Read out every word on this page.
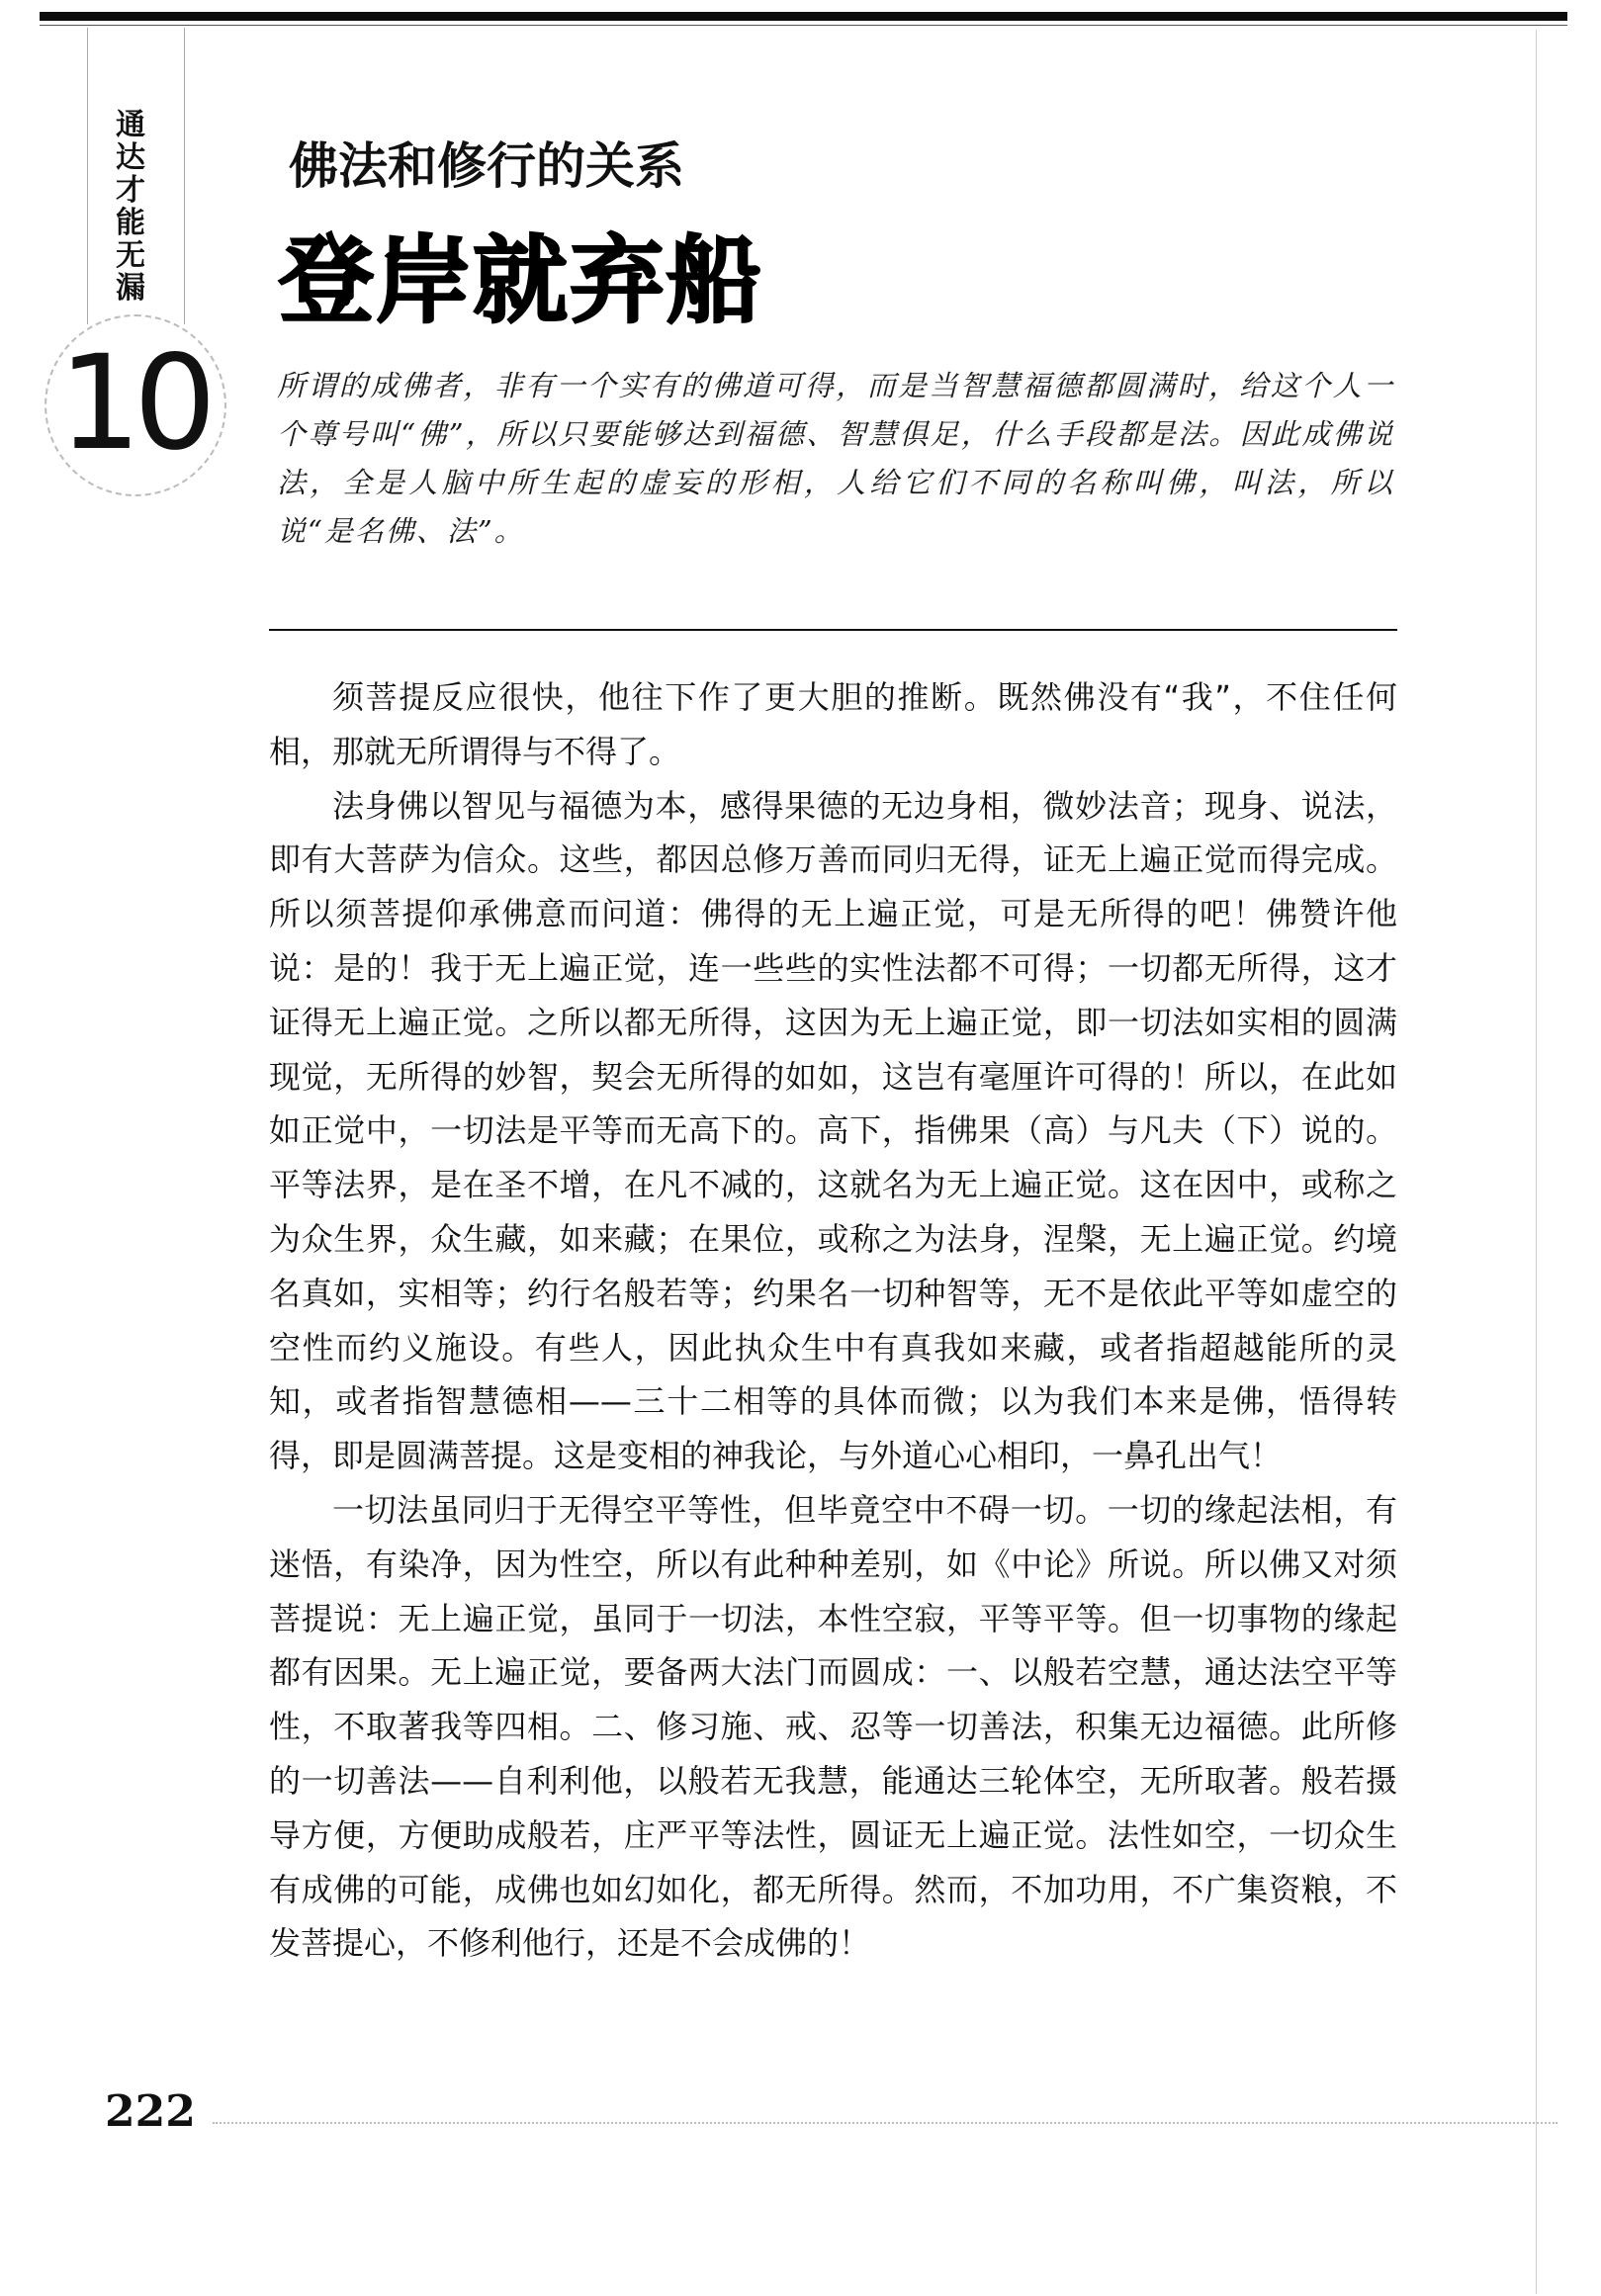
通达才能无漏
10
佛法和修行的关系
登岸就弃船
所谓的成佛者，非有一个实有的佛道可得，而是当智慧福德都圆满时，给这个人一个尊号叫“佛”，所以只要能够达到福德、智慧俱足，什么手段都是法。因此成佛说法，全是人脑中所生起的虚妄的形相，人给它们不同的名称叫佛，叫法，所以说“是名佛、法”。

须菩提反应很快，他往下作了更大胆的推断。既然佛没有“我”，不住任何相，那就无所谓得与不得了。

法身佛以智见与福德为本，感得果德的无边身相，微妙法音；现身、说法，即有大菩萨为信众。这些，都因总修万善而同归无得，证无上遍正觉而得完成。所以须菩提仰承佛意而问道：佛得的无上遍正觉，可是无所得的吧！佛赞许他说：是的！我于无上遍正觉，连一些些的实性法都不可得；一切都无所得，这才证得无上遍正觉。之所以都无所得，这因为无上遍正觉，即一切法如实相的圆满现觉，无所得的妙智，契会无所得的如如，这岂有毫厘许可得的！所以，在此如如正觉中，一切法是平等而无高下的。高下，指佛果（高）与凡夫（下）说的。平等法界，是在圣不增，在凡不减的，这就名为无上遍正觉。这在因中，或称之为众生界，众生藏，如来藏；在果位，或称之为法身，涅槃，无上遍正觉。约境名真如，实相等；约行名般若等；约果名一切种智等，无不是依此平等如虚空的空性而约义施设。有些人，因此执众生中有真我如来藏，或者指超越能所的灵知，或者指智慧德相——三十二相等的具体而微；以为我们本来是佛，悟得转得，即是圆满菩提。这是变相的神我论，与外道心心相印，一鼻孔出气！

一切法虽同归于无得空平等性，但毕竟空中不碍一切。一切的缘起法相，有迷悟，有染净，因为性空，所以有此种种差别，如《中论》所说。所以佛又对须菩提说：无上遍正觉，虽同于一切法，本性空寂，平等平等。但一切事物的缘起都有因果。无上遍正觉，要备两大法门而圆成：一、以般若空慧，通达法空平等性，不取著我等四相。二、修习施、戒、忍等一切善法，积集无边福德。此所修的一切善法——自利利他，以般若无我慧，能通达三轮体空，无所取著。般若摄导方便，方便助成般若，庄严平等法性，圆证无上遍正觉。法性如空，一切众生有成佛的可能，成佛也如幻如化，都无所得。然而，不加功用，不广集资粮，不发菩提心，不修利他行，还是不会成佛的！

222
